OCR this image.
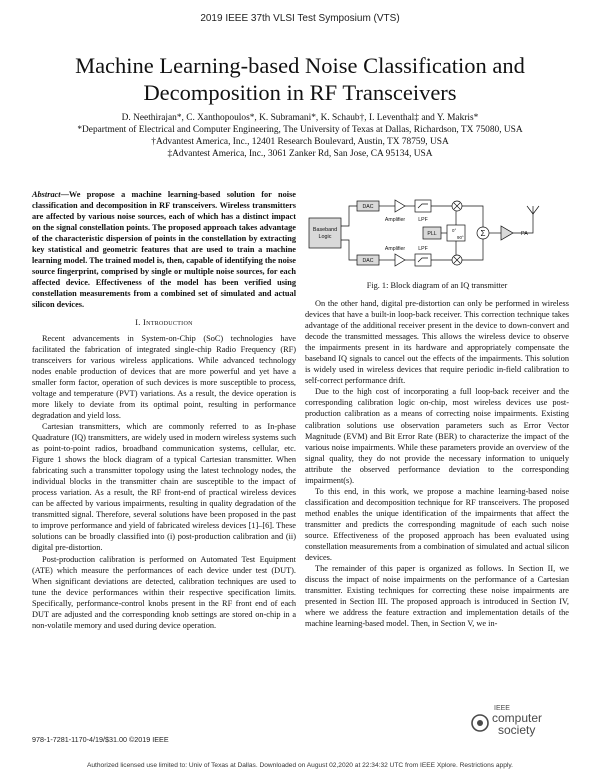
2019 IEEE 37th VLSI Test Symposium (VTS)
Machine Learning-based Noise Classification and
Decomposition in RF Transceivers
D. Neethirajan*, C. Xanthopoulos*, K. Subramani*, K. Schaub†, I. Leventhal‡ and Y. Makris*
*Department of Electrical and Computer Engineering, The University of Texas at Dallas, Richardson, TX 75080, USA
†Advantest America, Inc., 12401 Research Boulevard, Austin, TX 78759, USA
‡Advantest America, Inc., 3061 Zanker Rd, San Jose, CA 95134, USA
Abstract—We propose a machine learning-based solution for noise classification and decomposition in RF transceivers. Wireless transmitters are affected by various noise sources, each of which has a distinct impact on the signal constellation points. The proposed approach takes advantage of the characteristic dispersion of points in the constellation by extracting key statistical and geometric features that are used to train a machine learning model. The trained model is, then, capable of identifying the noise source fingerprint, comprised by single or multiple noise sources, for each affected device. Effectiveness of the model has been verified using constellation measurements from a combined set of simulated and actual silicon devices.
I. Introduction

Recent advancements in System-on-Chip (SoC) technologies have facilitated the fabrication of integrated single-chip Radio Frequency (RF) transceivers for various wireless applications. While advanced technology nodes enable production of devices that are more powerful and yet have a smaller form factor, operation of such devices is more susceptible to process, voltage and temperature (PVT) variations. As a result, the device operation is more likely to deviate from its optimal point, resulting in performance degradation and yield loss.

Cartesian transmitters, which are commonly referred to as In-phase Quadrature (IQ) transmitters, are widely used in modern wireless systems such as point-to-point radios, broadband communication systems, cellular, etc. Figure 1 shows the block diagram of a typical Cartesian transmitter. When fabricating such a transmitter topology using the latest technology nodes, the individual blocks in the transmitter chain are susceptible to the impact of process variation. As a result, the RF front-end of practical wireless devices can be affected by various impairments, resulting in quality degradation of the transmitted signal. Therefore, several solutions have been proposed in the past to improve performance and yield of fabricated wireless devices [1]–[6]. These solutions can be broadly classified into (i) post-production calibration and (ii) digital pre-distortion.

Post-production calibration is performed on Automated Test Equipment (ATE) which measure the performances of each device under test (DUT). When significant deviations are detected, calibration techniques are used to tune the device performances within their respective specification limits. Specifically, performance-control knobs present in the RF front end of each DUT are adjusted and the corresponding knob settings are stored on-chip in a non-volatile memory and used during device operation.

Baseband
Logic
DAC
DAC
Amplifier
Amplifier
LPF
LPF
PLL
0°
90° Σ	PA
Fig. 1: Block diagram of an IQ transmitter

On the other hand, digital pre-distortion can only be performed in wireless devices that have a built-in loop-back receiver. This correction technique takes advantage of the additional receiver present in the device to down-convert and decode the transmitted messages. This allows the wireless device to observe the impairments present in its hardware and appropriately compensate the baseband IQ signals to cancel out the effects of the impairments. This solution is widely used in wireless devices that require periodic in-field calibration to self-correct performance drift.

Due to the high cost of incorporating a full loop-back receiver and the corresponding calibration logic on-chip, most wireless devices use post-production calibration as a means of correcting noise impairments. Existing calibration solutions use observation parameters such as Error Vector Magnitude (EVM) and Bit Error Rate (BER) to characterize the impact of the various noise impairments. While these parameters provide an overview of the signal quality, they do not provide the necessary information to uniquely attribute the observed performance deviation to the corresponding impairment(s).

To this end, in this work, we propose a machine learning-based noise classification and decomposition technique for RF transceivers. The proposed method enables the unique identification of the impairments that affect the transmitter and predicts the corresponding magnitude of each such noise source. Effectiveness of the proposed approach has been evaluated using constellation measurements from a combination of simulated and actual silicon devices.

The remainder of this paper is organized as follows. In Section II, we discuss the impact of noise impairments on the performance of a Cartesian transmitter. Existing techniques for correcting these noise impairments are presented in Section III. The proposed approach is introduced in Section IV, where we address the feature extraction and implementation details of the machine learning-based model. Then, in Section V, we in-

978-1-7281-1170-4/19/$31.00 ©2019 IEEE
IEEE
computer
society
Authorized licensed use limited to: Univ of Texas at Dallas. Downloaded on August 02,2020 at 22:34:32 UTC from IEEE Xplore. Restrictions apply.
